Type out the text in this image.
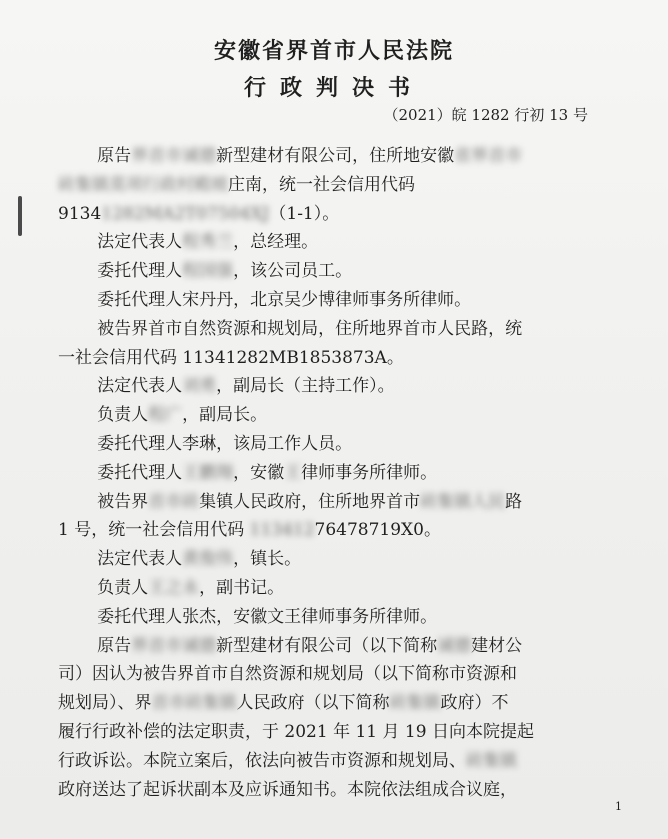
安徽省界首市人民法院
行政判决书
（2021）皖 1282 行初 13 号
原告界首市诚德新型建材有限公司，住所地安徽省界首市
砖集镇莫项行政村殿坡庄南，统一社会信用代码
91341282MA2T07504XJ（1-1）。
法定代表人程秀兰，总经理。
委托代理人程国强，该公司员工。
委托代理人宋丹丹，北京吴少博律师事务所律师。
被告界首市自然资源和规划局，住所地界首市人民路，统
一社会信用代码 11341282MB1853873A。
法定代表人刘勇，副局长（主持工作）。
负责人程广，副局长。
委托代理人李琳，该局工作人员。
委托代理人王鹏翔，安徽王律师事务所律师。
被告界首市砖集镇人民政府，住所地界首市砖集镇人民路
1 号，统一社会信用代码 11341276478719X0。
法定代表人黄俊伟，镇长。
负责人王之永，副书记。
委托代理人张杰，安徽文王律师事务所律师。
原告界首市诚德新型建材有限公司（以下简称诚德建材公
司）因认为被告界首市自然资源和规划局（以下简称市资源和
规划局）、界首市砖集镇人民政府（以下简称砖集镇政府）不
履行行政补偿的法定职责，于 2021 年 11 月 19 日向本院提起
行政诉讼。本院立案后，依法向被告市资源和规划局、砖集镇
政府送达了起诉状副本及应诉通知书。本院依法组成合议庭，
1
